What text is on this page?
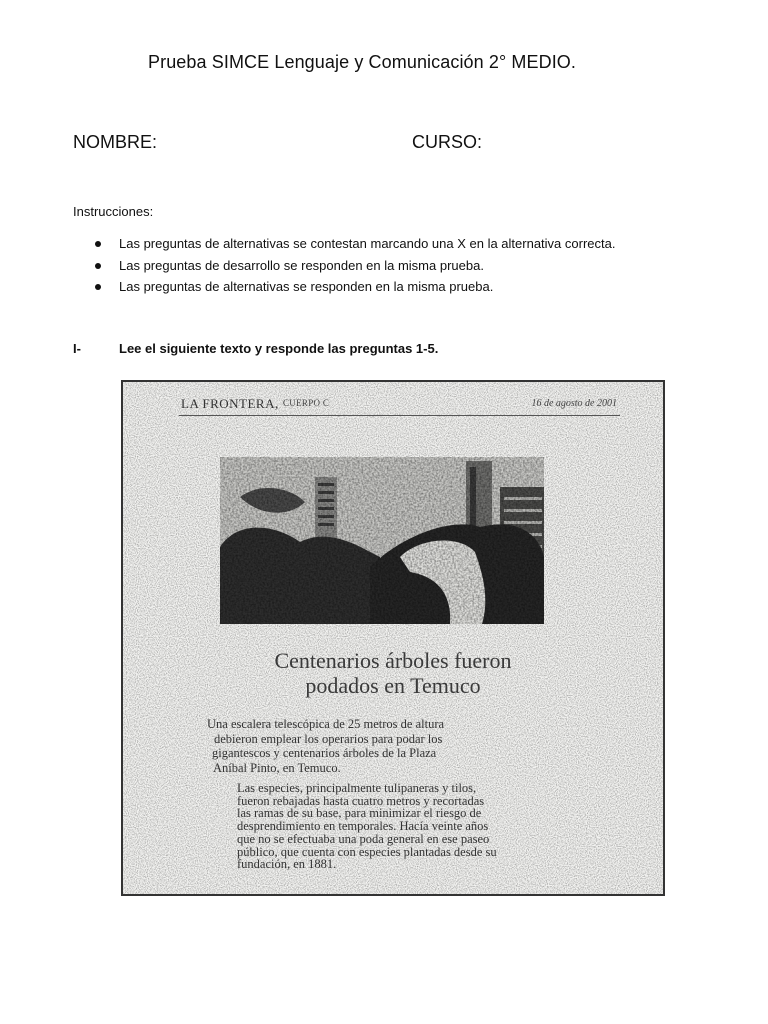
Prueba SIMCE Lenguaje y Comunicación 2° MEDIO.
NOMBRE:	CURSO:
Instrucciones:
Las preguntas de alternativas se contestan marcando una X en la alternativa correcta.
Las preguntas de desarrollo se responden en la misma prueba.
Las preguntas de alternativas se responden en la misma prueba.
I-	Lee el siguiente texto y responde las preguntas 1-5.
LA FRONTERA, CUERPO C	16 de agosto de 2001
Centenarios árboles fueron
podados en Temuco
Una escalera telescópica de 25 metros de altura
debieron emplear los operarios para podar los
gigantescos y centenarios árboles de la Plaza
Aníbal Pinto, en Temuco.
Las especies, principalmente tulipaneras y tilos,
fueron rebajadas hasta cuatro metros y recortadas
las ramas de su base, para minimizar el riesgo de
desprendimiento en temporales. Hacía veinte años
que no se efectuaba una poda general en ese paseo
público, que cuenta con especies plantadas desde su
fundación, en 1881.
